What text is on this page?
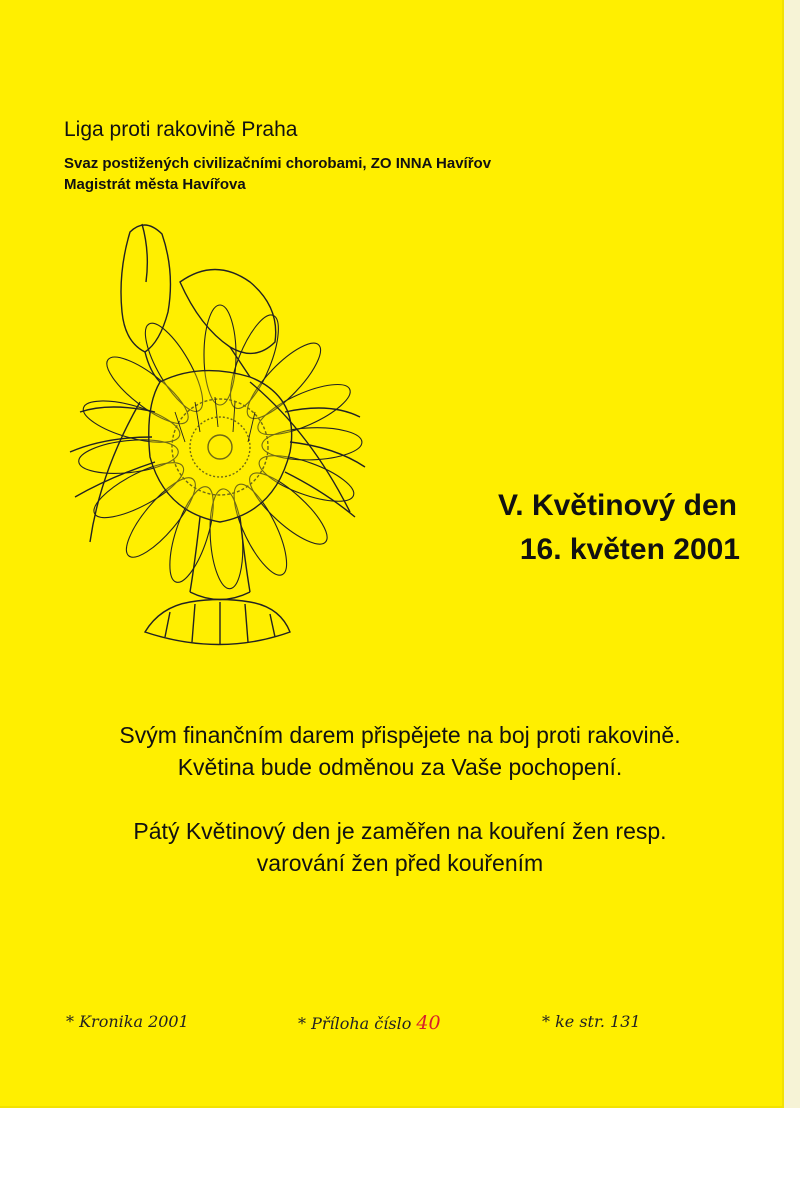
Liga proti rakovině Praha
Svaz postižených civilizačními chorobami, ZO INNA Havířov
Magistrát města Havířova
V. Květinový den
16. květen 2001
Svým finančním darem přispějete na boj proti rakovině.
Květina bude odměnou za Vaše pochopení.
Pátý Květinový den je zaměřen na kouření žen resp.
varování žen před kouřením
* Kronika 2001	* Příloha číslo 40	* ke str. 131
